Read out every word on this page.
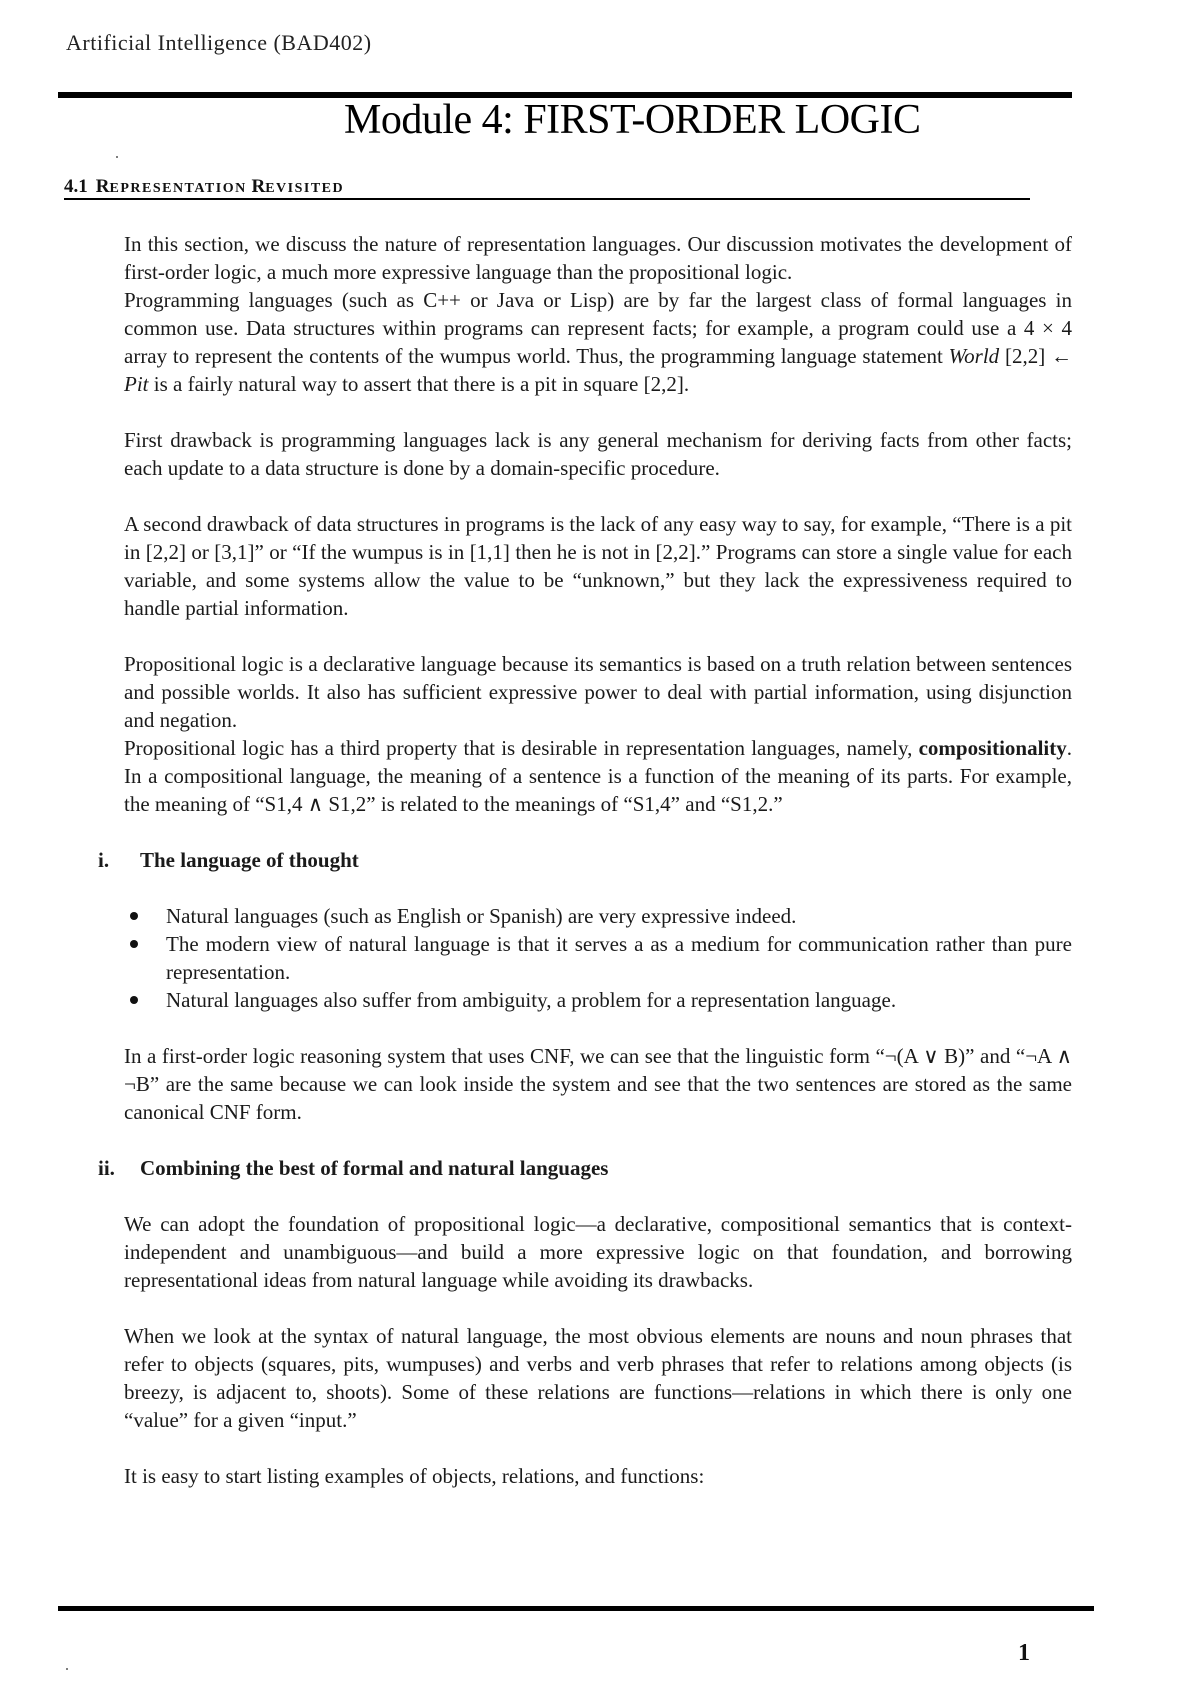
Artificial Intelligence (BAD402)
Module 4: FIRST-ORDER LOGIC
4.1 REPRESENTATION REVISITED

In this section, we discuss the nature of representation languages. Our discussion motivates the development of first-order logic, a much more expressive language than the propositional logic.

Programming languages (such as C++ or Java or Lisp) are by far the largest class of formal languages in common use. Data structures within programs can represent facts; for example, a program could use a 4 × 4 array to represent the contents of the wumpus world. Thus, the programming language statement World [2,2] ← Pit is a fairly natural way to assert that there is a pit in square [2,2].

First drawback is programming languages lack is any general mechanism for deriving facts from other facts; each update to a data structure is done by a domain-specific procedure.

A second drawback of data structures in programs is the lack of any easy way to say, for example, “There is a pit in [2,2] or [3,1]” or “If the wumpus is in [1,1] then he is not in [2,2].” Programs can store a single value for each variable, and some systems allow the value to be “unknown,” but they lack the expressiveness required to handle partial information.

Propositional logic is a declarative language because its semantics is based on a truth relation between sentences and possible worlds. It also has sufficient expressive power to deal with partial information, using disjunction and negation.

Propositional logic has a third property that is desirable in representation languages, namely, compositionality. In a compositional language, the meaning of a sentence is a function of the meaning of its parts. For example, the meaning of “S1,4 ∧ S1,2” is related to the meanings of “S1,4” and “S1,2.”

i. The language of thought

Natural languages (such as English or Spanish) are very expressive indeed.
The modern view of natural language is that it serves a as a medium for communication rather than pure representation.
Natural languages also suffer from ambiguity, a problem for a representation language.

In a first-order logic reasoning system that uses CNF, we can see that the linguistic form “¬(A ∨ B)” and “¬A ∧ ¬B” are the same because we can look inside the system and see that the two sentences are stored as the same canonical CNF form.

ii. Combining the best of formal and natural languages

We can adopt the foundation of propositional logic—a declarative, compositional semantics that is context-independent and unambiguous—and build a more expressive logic on that foundation, and borrowing representational ideas from natural language while avoiding its drawbacks.

When we look at the syntax of natural language, the most obvious elements are nouns and noun phrases that refer to objects (squares, pits, wumpuses) and verbs and verb phrases that refer to relations among objects (is breezy, is adjacent to, shoots). Some of these relations are functions—relations in which there is only one “value” for a given “input.”

It is easy to start listing examples of objects, relations, and functions:

1
